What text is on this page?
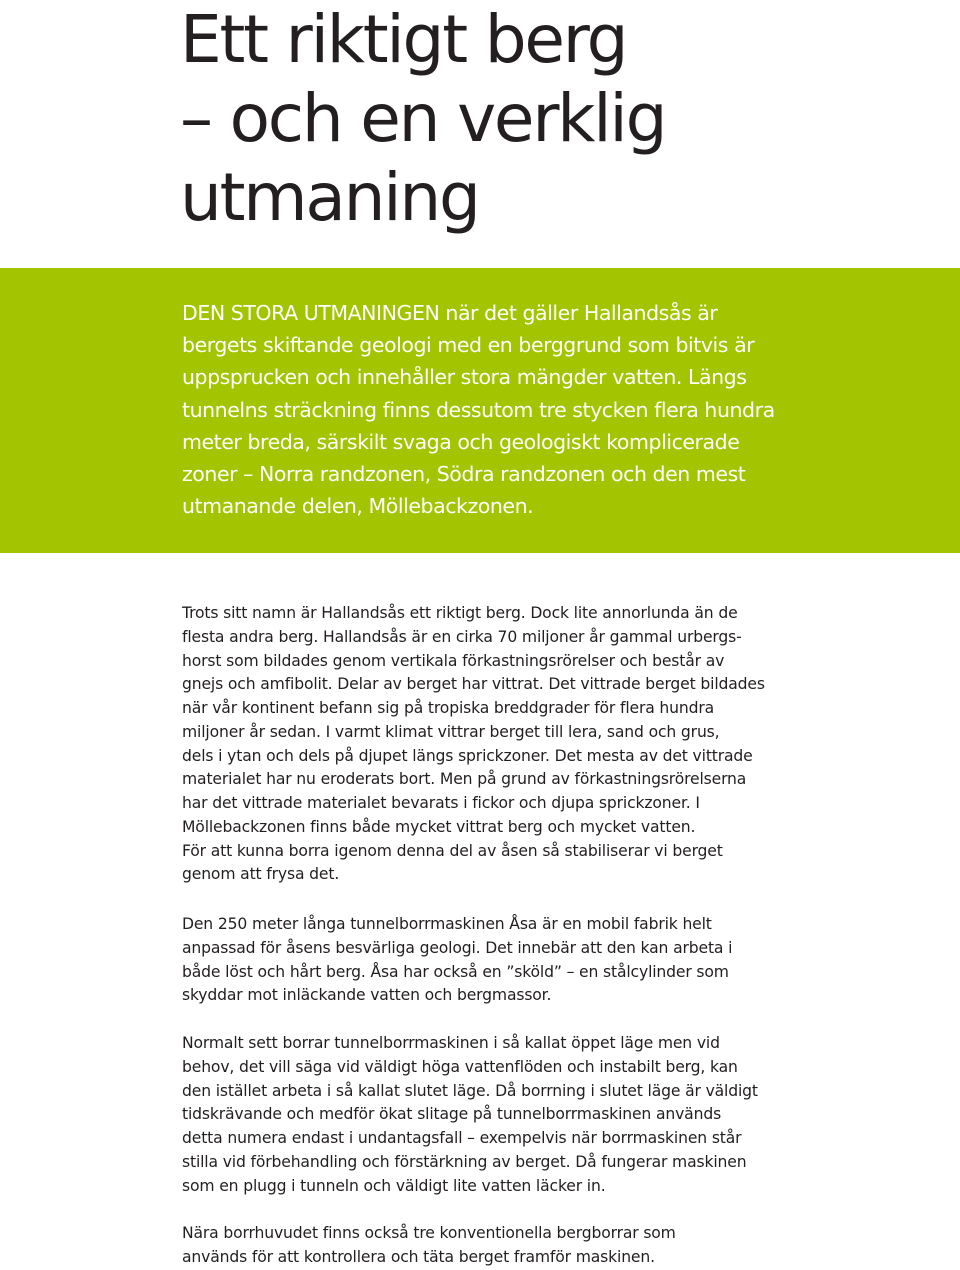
Ett riktigt berg
– och en verklig
utmaning
DEN STORA UTMANINGEN när det gäller Hallandsås är
bergets skiftande geologi med en berggrund som bitvis är
uppsprucken och innehåller stora mängder vatten. Längs
tunnelns sträckning finns dessutom tre stycken flera hundra
meter breda, särskilt svaga och geologiskt komplicerade
zoner – Norra randzonen, Södra randzonen och den mest
utmanande delen, Möllebackzonen.

Trots sitt namn är Hallandsås ett riktigt berg. Dock lite annorlunda än de
flesta andra berg. Hallandsås är en cirka 70 miljoner år gammal urbergs-
horst som bildades genom vertikala förkastningsrörelser och består av
gnejs och amfibolit. Delar av berget har vittrat. Det vittrade berget bildades
när vår kontinent befann sig på tropiska breddgrader för flera hundra
miljoner år sedan. I varmt klimat vittrar berget till lera, sand och grus,
dels i ytan och dels på djupet längs sprickzoner. Det mesta av det vittrade
materialet har nu eroderats bort. Men på grund av förkastningsrörelserna
har det vittrade materialet bevarats i fickor och djupa sprickzoner. I
Möllebackzonen finns både mycket vittrat berg och mycket vatten.
För att kunna borra igenom denna del av åsen så stabiliserar vi berget
genom att frysa det.

Den 250 meter långa tunnelborrmaskinen Åsa är en mobil fabrik helt
anpassad för åsens besvärliga geologi. Det innebär att den kan arbeta i
både löst och hårt berg. Åsa har också en ”sköld” – en stålcylinder som
skyddar mot inläckande vatten och bergmassor.

Normalt sett borrar tunnelborrmaskinen i så kallat öppet läge men vid
behov, det vill säga vid väldigt höga vattenflöden och instabilt berg, kan
den istället arbeta i så kallat slutet läge. Då borrning i slutet läge är väldigt
tidskrävande och medför ökat slitage på tunnelborrmaskinen används
detta numera endast i undantagsfall – exempelvis när borrmaskinen står
stilla vid förbehandling och förstärkning av berget. Då fungerar maskinen
som en plugg i tunneln och väldigt lite vatten läcker in.

Nära borrhuvudet finns också tre konventionella bergborrar som
används för att kontrollera och täta berget framför maskinen.
